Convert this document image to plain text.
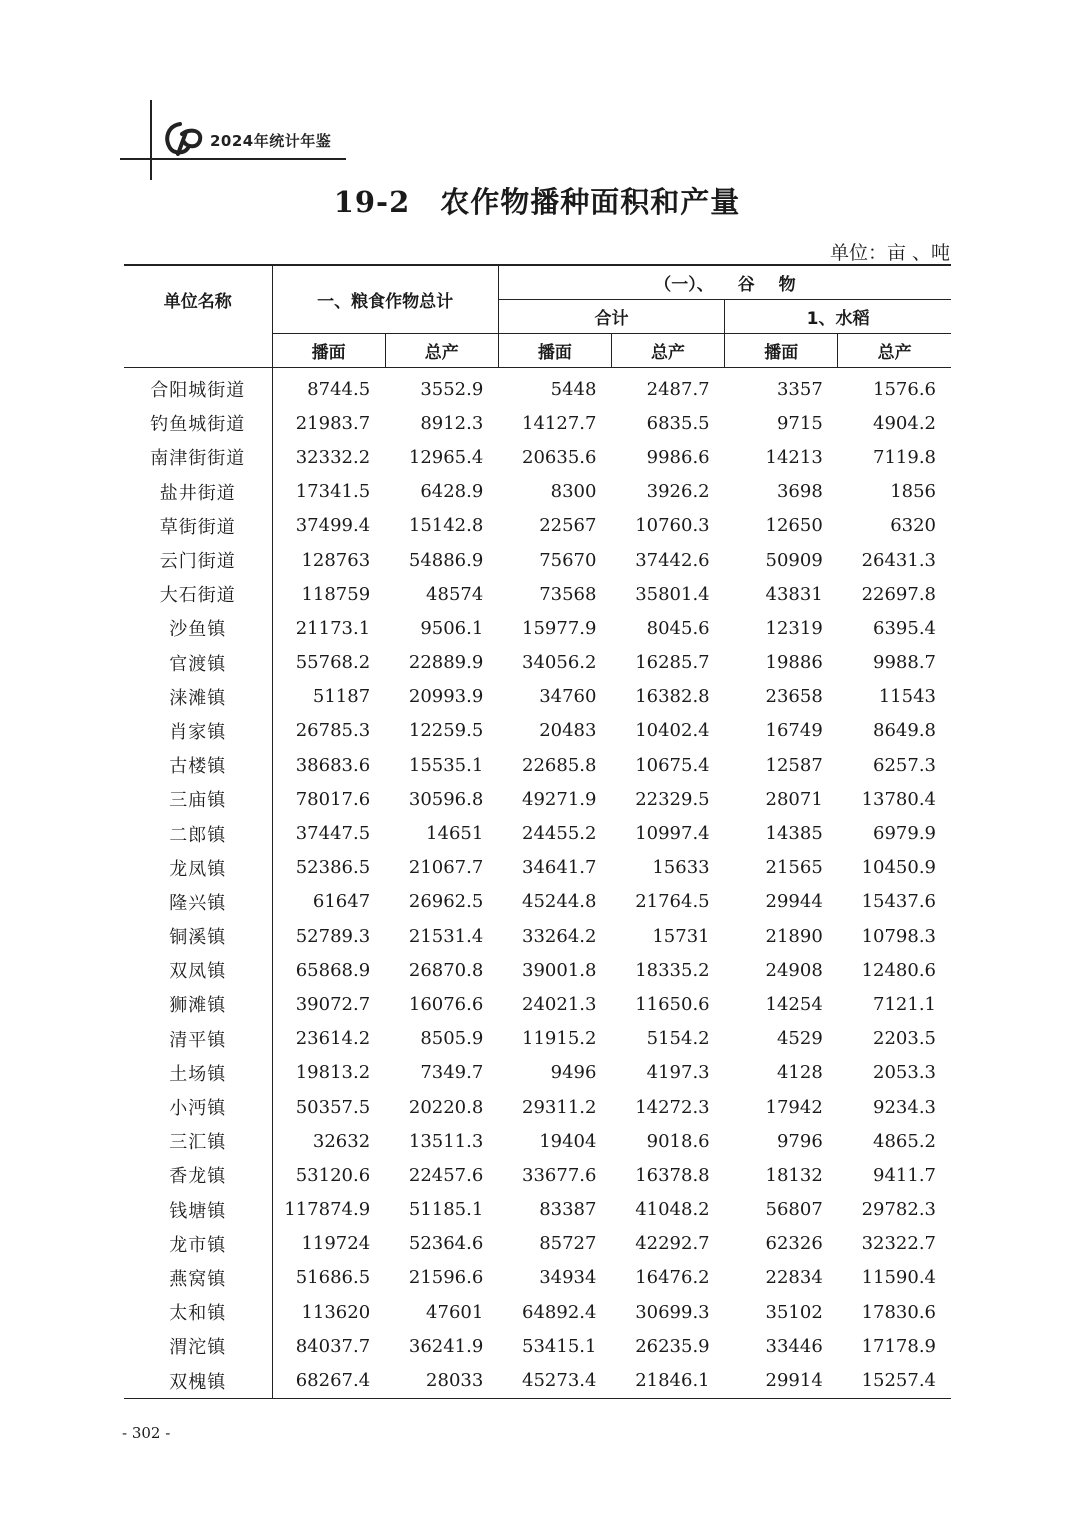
2024年统计年鉴
19-2 农作物播种面积和产量
单位：亩 、吨
单位名称	一、粮食作物总计		（一）、 谷 物			
			合计		1、水稻	
	播面	总产	播面	总产	播面	总产
合阳城街道	8744.5	3552.9	5448	2487.7	3357	1576.6
钓鱼城街道	21983.7	8912.3	14127.7	6835.5	9715	4904.2
南津街街道	32332.2	12965.4	20635.6	9986.6	14213	7119.8
盐井街道	17341.5	6428.9	8300	3926.2	3698	1856
草街街道	37499.4	15142.8	22567	10760.3	12650	6320
云门街道	128763	54886.9	75670	37442.6	50909	26431.3
大石街道	118759	48574	73568	35801.4	43831	22697.8
沙鱼镇	21173.1	9506.1	15977.9	8045.6	12319	6395.4
官渡镇	55768.2	22889.9	34056.2	16285.7	19886	9988.7
涞滩镇	51187	20993.9	34760	16382.8	23658	11543
肖家镇	26785.3	12259.5	20483	10402.4	16749	8649.8
古楼镇	38683.6	15535.1	22685.8	10675.4	12587	6257.3
三庙镇	78017.6	30596.8	49271.9	22329.5	28071	13780.4
二郎镇	37447.5	14651	24455.2	10997.4	14385	6979.9
龙凤镇	52386.5	21067.7	34641.7	15633	21565	10450.9
隆兴镇	61647	26962.5	45244.8	21764.5	29944	15437.6
铜溪镇	52789.3	21531.4	33264.2	15731	21890	10798.3
双凤镇	65868.9	26870.8	39001.8	18335.2	24908	12480.6
狮滩镇	39072.7	16076.6	24021.3	11650.6	14254	7121.1
清平镇	23614.2	8505.9	11915.2	5154.2	4529	2203.5
土场镇	19813.2	7349.7	9496	4197.3	4128	2053.3
小沔镇	50357.5	20220.8	29311.2	14272.3	17942	9234.3
三汇镇	32632	13511.3	19404	9018.6	9796	4865.2
香龙镇	53120.6	22457.6	33677.6	16378.8	18132	9411.7
钱塘镇	117874.9	51185.1	83387	41048.2	56807	29782.3
龙市镇	119724	52364.6	85727	42292.7	62326	32322.7
燕窝镇	51686.5	21596.6	34934	16476.2	22834	11590.4
太和镇	113620	47601	64892.4	30699.3	35102	17830.6
渭沱镇	84037.7	36241.9	53415.1	26235.9	33446	17178.9
双槐镇	68267.4	28033	45273.4	21846.1	29914	15257.4
- 302 -
